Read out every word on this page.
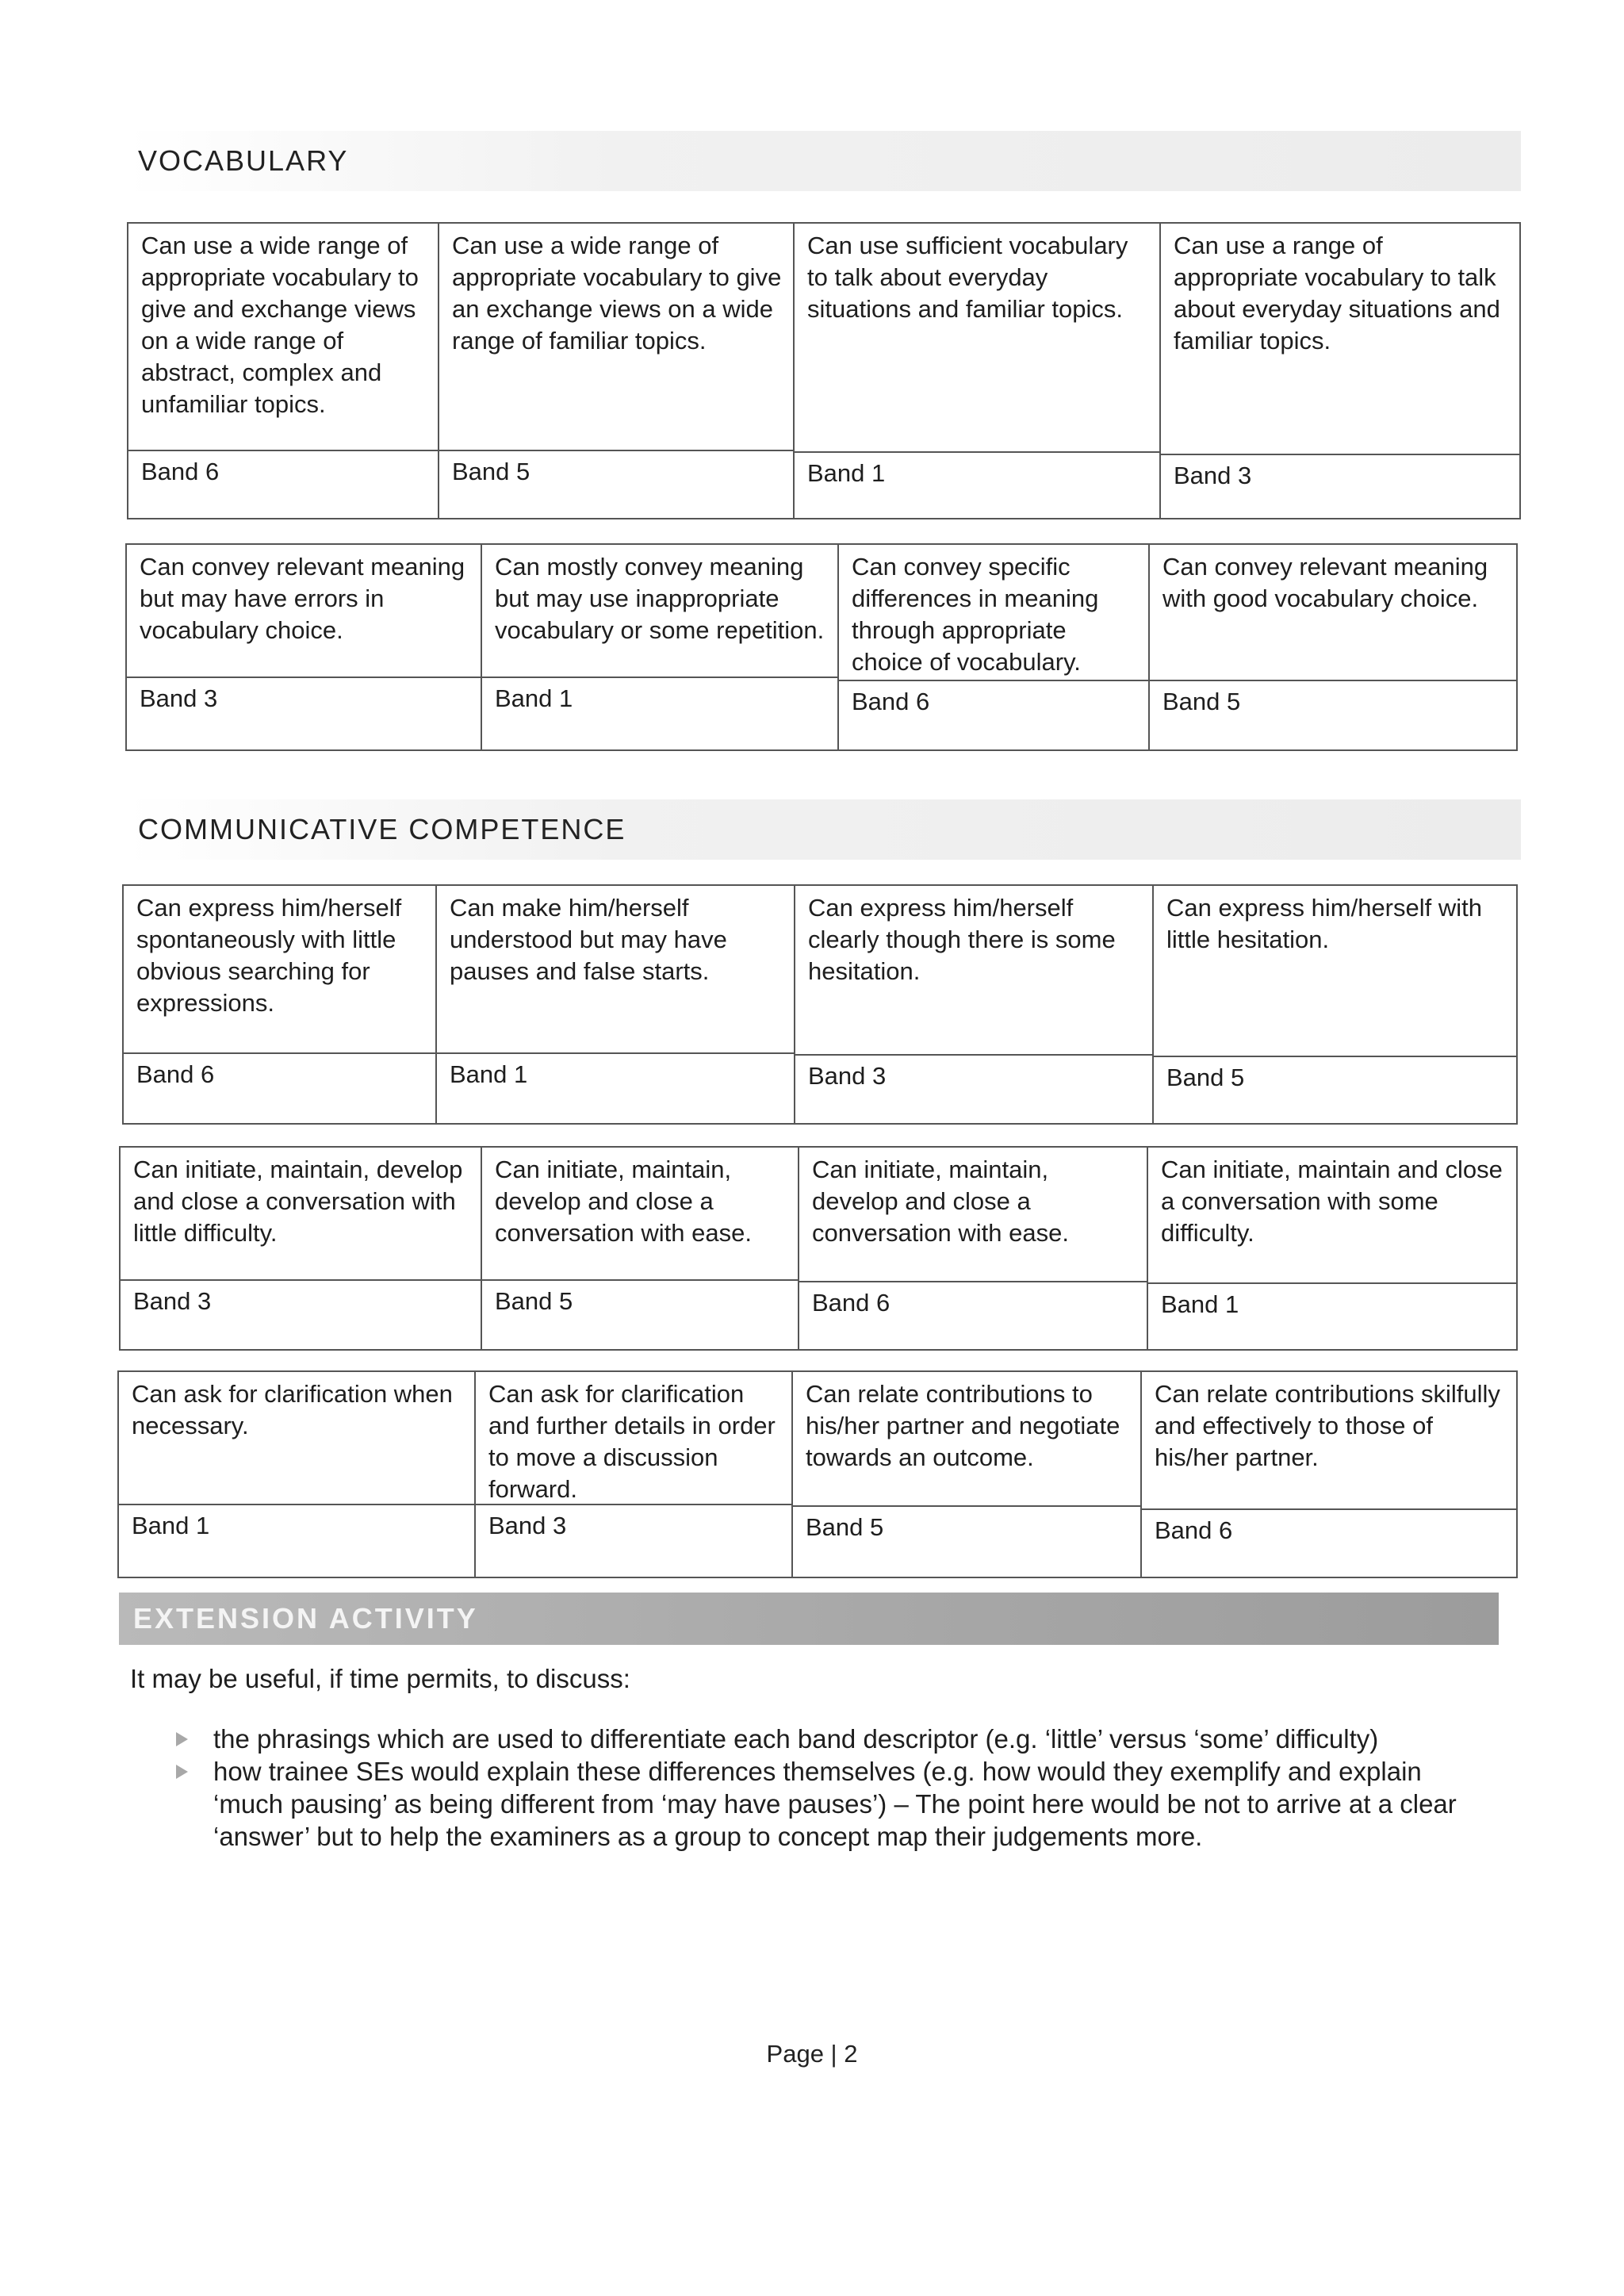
VOCABULARY
Can use a wide range of appropriate vocabulary to give and exchange views on a wide range of abstract, complex and unfamiliar topics.
Band 6
Can use a wide range of appropriate vocabulary to give an exchange views on a wide range of familiar topics.
Band 5
Can use sufficient vocabulary to talk about everyday situations and familiar topics.
Band 1
Can use a range of appropriate vocabulary to talk about everyday situations and familiar topics.
Band 3
Can convey relevant meaning but may have errors in vocabulary choice.
Band 3
Can mostly convey meaning but may use inappropriate vocabulary or some repetition.
Band 1
Can convey specific differences in meaning through appropriate choice of vocabulary.
Band 6
Can convey relevant meaning with good vocabulary choice.
Band 5
COMMUNICATIVE COMPETENCE
Can express him/herself spontaneously with little obvious searching for expressions.
Band 6
Can make him/herself understood but may have pauses and false starts.
Band 1
Can express him/herself clearly though there is some hesitation.
Band 3
Can express him/herself with little hesitation.
Band 5
Can initiate, maintain, develop and close a conversation with little difficulty.
Band 3
Can initiate, maintain, develop and close a conversation with ease.
Band 5
Can initiate, maintain, develop and close a conversation with ease.
Band 6
Can initiate, maintain and close a conversation with some difficulty.
Band 1
Can ask for clarification when necessary.
Band 1
Can ask for clarification and further details in order to move a discussion forward.
Band 3
Can relate contributions to his/her partner and negotiate towards an outcome.
Band 5
Can relate contributions skilfully and effectively to those of his/her partner.
Band 6
EXTENSION ACTIVITY
It may be useful, if time permits, to discuss:
the phrasings which are used to differentiate each band descriptor (e.g. ‘little’ versus ‘some’ difficulty)
how trainee SEs would explain these differences themselves (e.g. how would they exemplify and explain ‘much pausing’ as being different from ‘may have pauses’) – The point here would be not to arrive at a clear ‘answer’ but to help the examiners as a group to concept map their judgements more.
Page | 2
